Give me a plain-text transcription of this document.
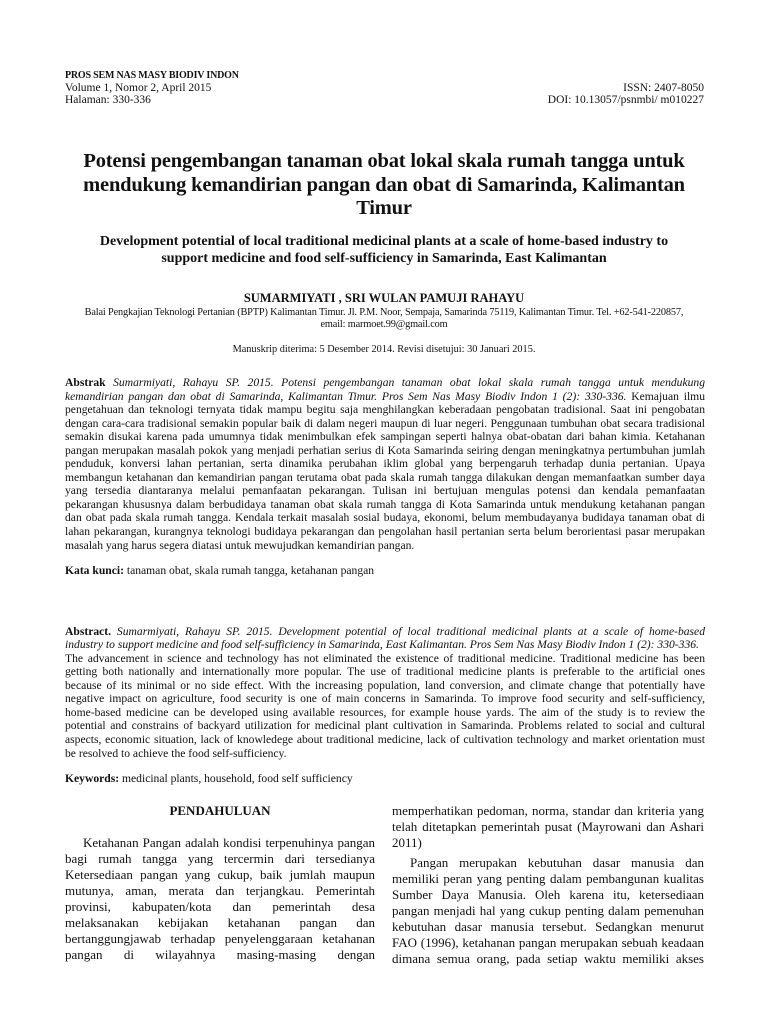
PROS SEM NAS MASY BIODIV INDON
Volume 1, Nomor 2, April 2015
Halaman: 330-336
ISSN: 2407-8050
DOI: 10.13057/psnmbi/ m010227
Potensi pengembangan tanaman obat lokal skala rumah tangga untuk
mendukung kemandirian pangan dan obat di Samarinda, Kalimantan
Timur
Development potential of local traditional medicinal plants at a scale of home-based industry to
support medicine and food self-sufficiency in Samarinda, East Kalimantan
SUMARMIYATI , SRI WULAN PAMUJI RAHAYU
Balai Pengkajian Teknologi Pertanian (BPTP) Kalimantan Timur. Jl. P.M. Noor, Sempaja, Samarinda 75119, Kalimantan Timur. Tel. +62-541-220857,
email: marmoet.99@gmail.com
Manuskrip diterima: 5 Desember 2014. Revisi disetujui: 30 Januari 2015.
Abstrak Sumarmiyati, Rahayu SP. 2015. Potensi pengembangan tanaman obat lokal skala rumah tangga untuk mendukung
kemandirian pangan dan obat di Samarinda, Kalimantan Timur. Pros Sem Nas Masy Biodiv Indon 1 (2): 330-336. Kemajuan ilmu
pengetahuan dan teknologi ternyata tidak mampu begitu saja menghilangkan keberadaan pengobatan tradisional. Saat ini pengobatan
dengan cara-cara tradisional semakin popular baik di dalam negeri maupun di luar negeri. Penggunaan tumbuhan obat secara tradisional
semakin disukai karena pada umumnya tidak menimbulkan efek sampingan seperti halnya obat-obatan dari bahan kimia. Ketahanan
pangan merupakan masalah pokok yang menjadi perhatian serius di Kota Samarinda seiring dengan meningkatnya pertumbuhan jumlah
penduduk, konversi lahan pertanian, serta dinamika perubahan iklim global yang berpengaruh terhadap dunia pertanian. Upaya
membangun ketahanan dan kemandirian pangan terutama obat pada skala rumah tangga dilakukan dengan memanfaatkan sumber daya
yang tersedia diantaranya melalui pemanfaatan pekarangan. Tulisan ini bertujuan mengulas potensi dan kendala pemanfaatan
pekarangan khususnya dalam berbudidaya tanaman obat skala rumah tangga di Kota Samarinda untuk mendukung ketahanan pangan
dan obat pada skala rumah tangga. Kendala terkait masalah sosial budaya, ekonomi, belum membudayanya budidaya tanaman obat di
lahan pekarangan, kurangnya teknologi budidaya pekarangan dan pengolahan hasil pertanian serta belum berorientasi pasar merupakan
masalah yang harus segera diatasi untuk mewujudkan kemandirian pangan.
Kata kunci: tanaman obat, skala rumah tangga, ketahanan pangan
Abstract. Sumarmiyati, Rahayu SP. 2015. Development potential of local traditional medicinal plants at a scale of home-based
industry to support medicine and food self-sufficiency in Samarinda, East Kalimantan. Pros Sem Nas Masy Biodiv Indon 1 (2): 330-336.
The advancement in science and technology has not eliminated the existence of traditional medicine. Traditional medicine has been
getting both nationally and internationally more popular. The use of traditional medicine plants is preferable to the artificial ones
because of its minimal or no side effect. With the increasing population, land conversion, and climate change that potentially have
negative impact on agriculture, food security is one of main concerns in Samarinda. To improve food security and self-sufficiency,
home-based medicine can be developed using available resources, for example house yards. The aim of the study is to review the
potential and constrains of backyard utilization for medicinal plant cultivation in Samarinda. Problems related to social and cultural
aspects, economic situation, lack of knowledege about traditional medicine, lack of cultivation technology and market orientation must
be resolved to achieve the food self-sufficiency.
Keywords: medicinal plants, household, food self sufficiency
PENDAHULUAN
Ketahanan Pangan adalah kondisi terpenuhinya pangan
bagi rumah tangga yang tercermin dari tersedianya
Ketersediaan pangan yang cukup, baik jumlah maupun
mutunya, aman, merata dan terjangkau. Pemerintah
provinsi, kabupaten/kota dan pemerintah desa
melaksanakan kebijakan ketahanan pangan dan
bertanggungjawab terhadap penyelenggaraan ketahanan
pangan di wilayahnya masing-masing dengan
memperhatikan pedoman, norma, standar dan kriteria yang
telah ditetapkan pemerintah pusat (Mayrowani dan Ashari
2011)
Pangan merupakan kebutuhan dasar manusia dan
memiliki peran yang penting dalam pembangunan kualitas
Sumber Daya Manusia. Oleh karena itu, ketersediaan
pangan menjadi hal yang cukup penting dalam pemenuhan
kebutuhan dasar manusia tersebut. Sedangkan menurut
FAO (1996), ketahanan pangan merupakan sebuah keadaan
dimana semua orang, pada setiap waktu memiliki akses
